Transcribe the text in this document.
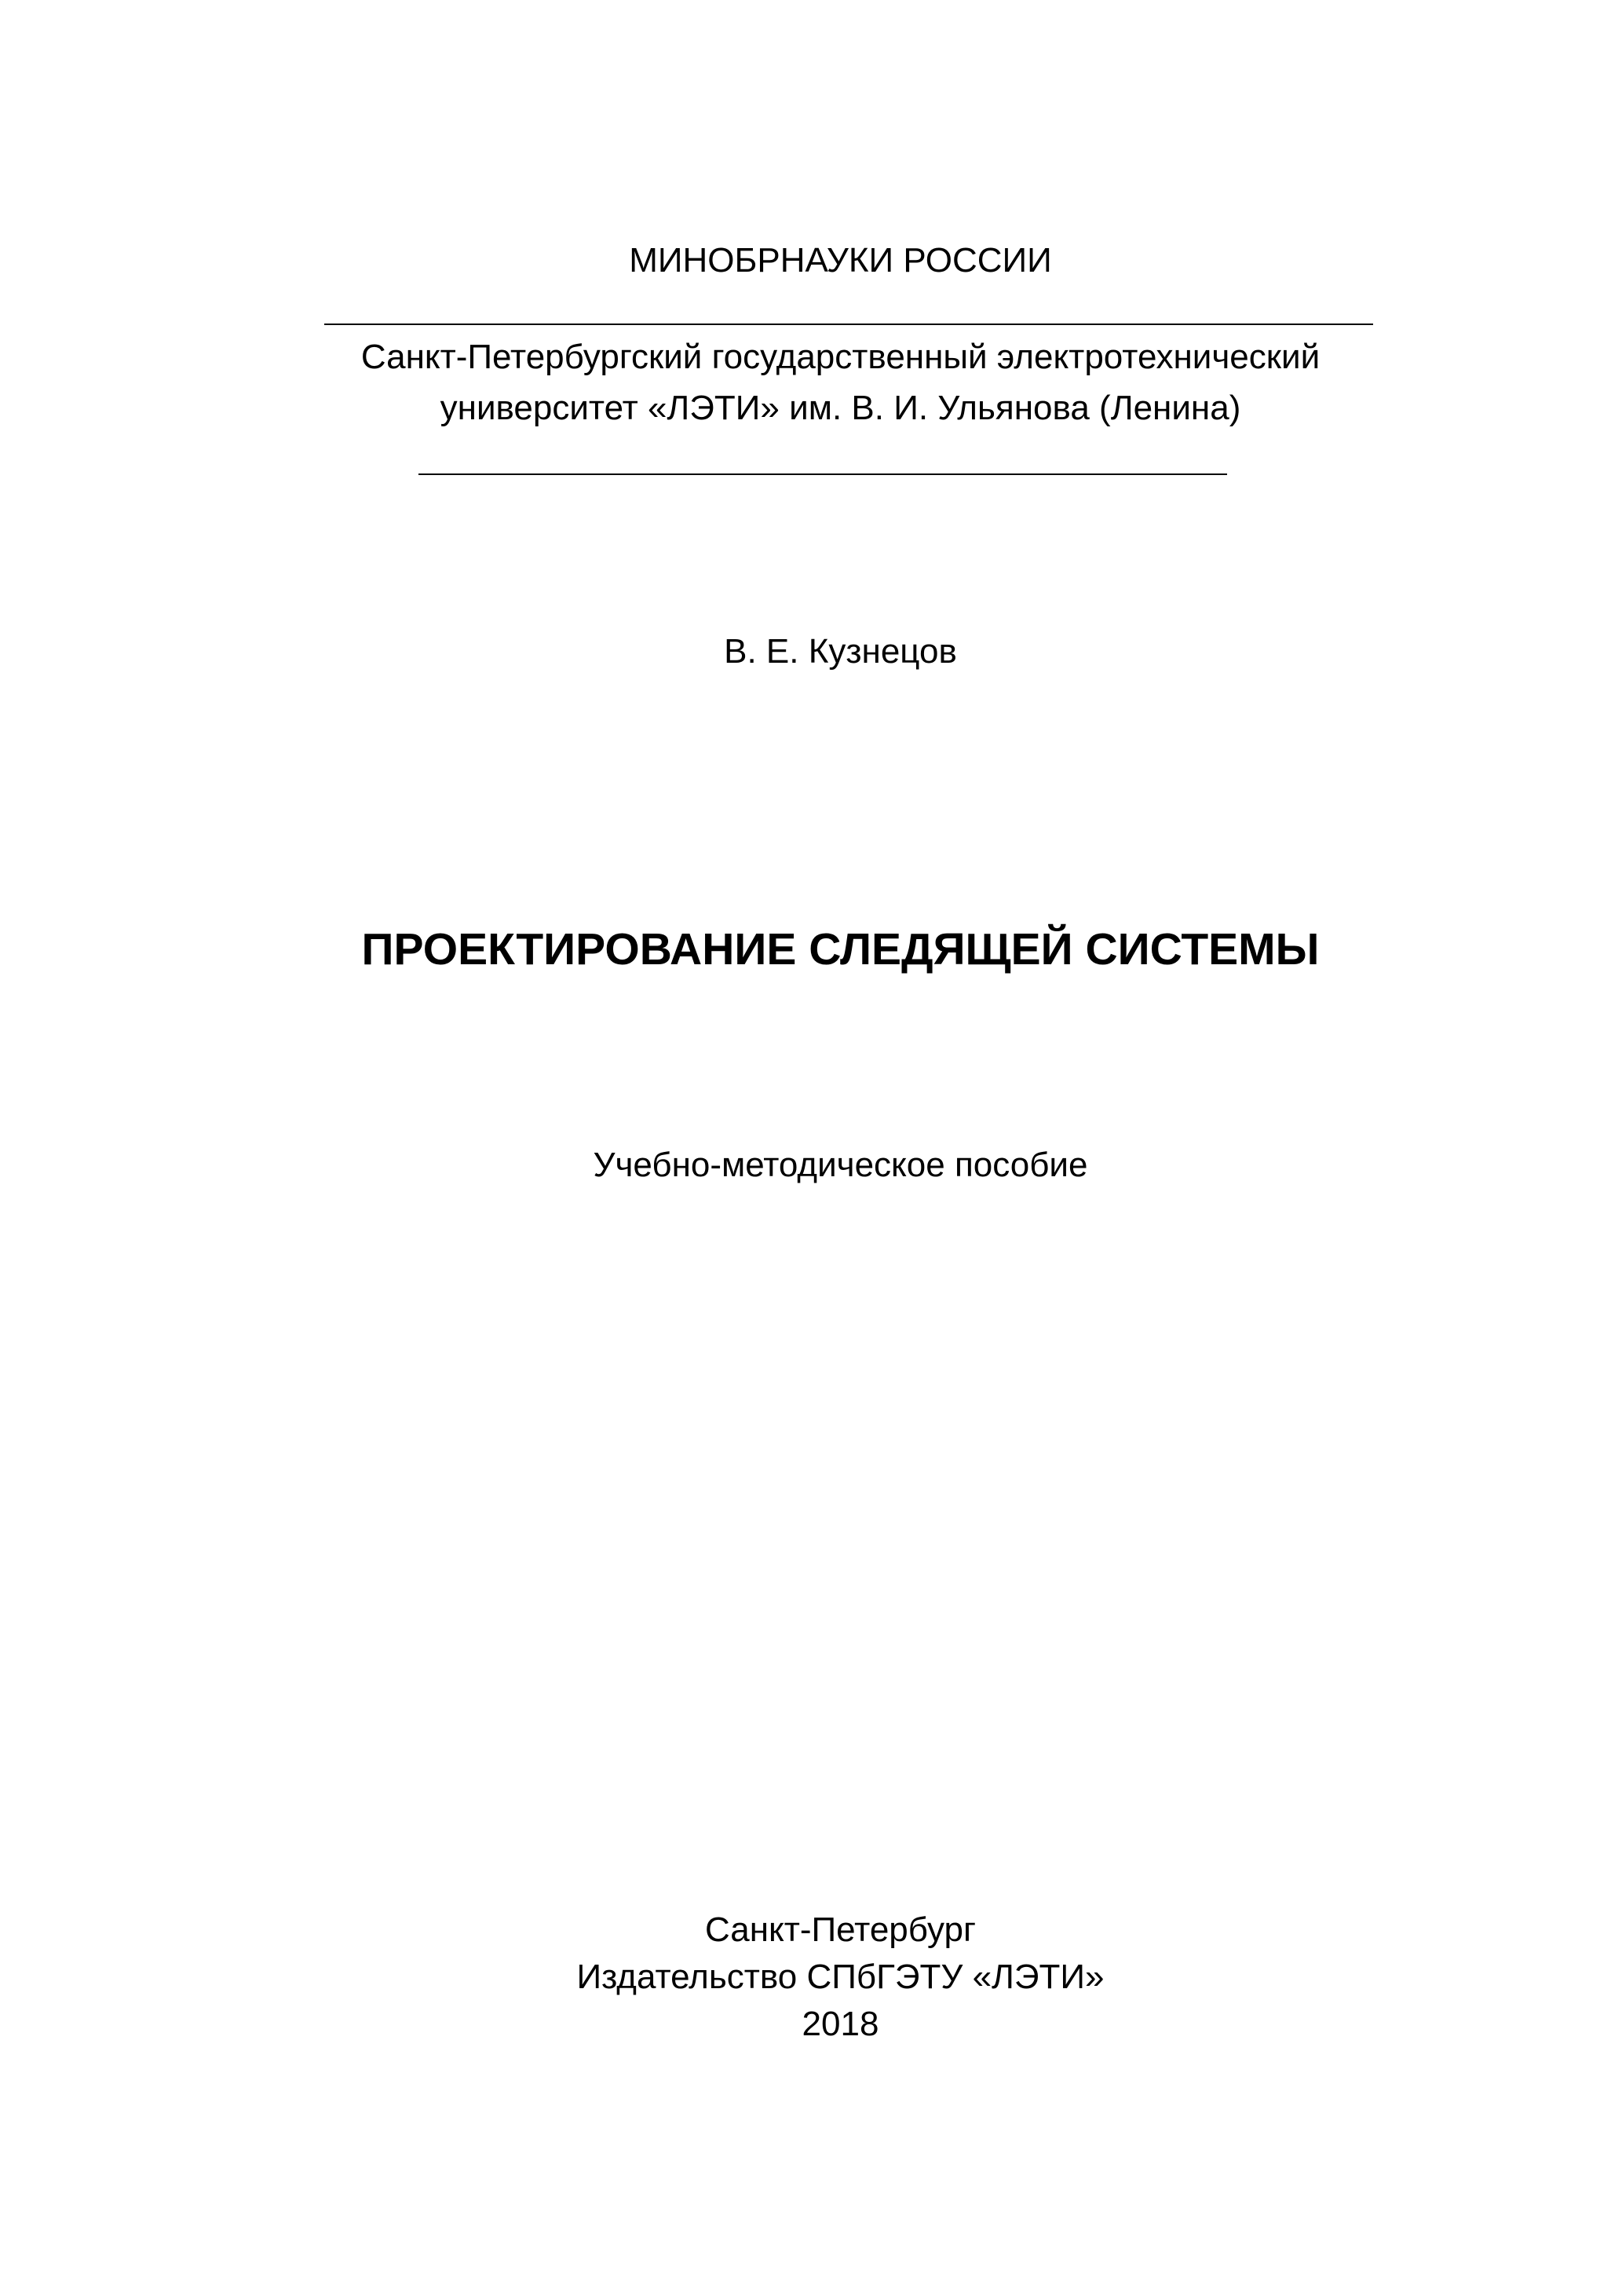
МИНОБРНАУКИ РОССИИ
Санкт-Петербургский государственный электротехнический
университет «ЛЭТИ» им. В. И. Ульянова (Ленина)
В. Е. Кузнецов
ПРОЕКТИРОВАНИЕ СЛЕДЯЩЕЙ СИСТЕМЫ
Учебно-методическое пособие
Санкт-Петербург
Издательство СПбГЭТУ «ЛЭТИ»
2018
